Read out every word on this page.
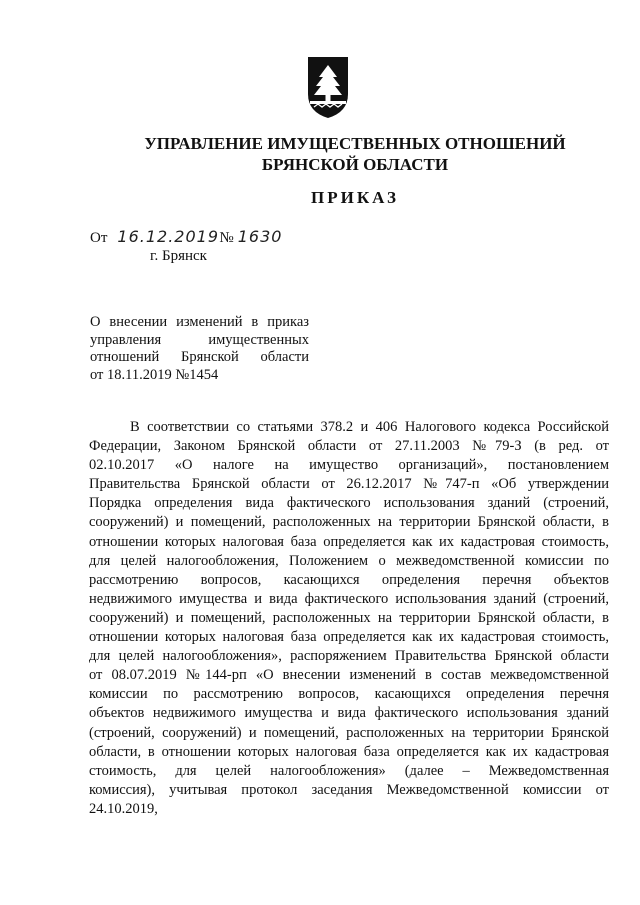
УПРАВЛЕНИЕ ИМУЩЕСТВЕННЫХ ОТНОШЕНИЙ
БРЯНСКОЙ ОБЛАСТИ
ПРИКАЗ
От 16.12.2019№ 1630
г. Брянск
О внесении изменений в приказ
управления имущественных
отношений Брянской области
от 18.11.2019 №1454
В соответствии со статьями 378.2 и 406 Налогового кодекса Российской
Федерации, Законом Брянской области от 27.11.2003 №79-З (в ред. от
02.10.2017 «О налоге на имущество организаций», постановлением
Правительства Брянской области от 26.12.2017 №747-п «Об утверждении
Порядка определения вида фактического использования зданий (строений,
сооружений) и помещений, расположенных на территории Брянской области, в
отношении которых налоговая база определяется как их кадастровая стоимость,
для целей налогообложения, Положением о межведомственной комиссии по
рассмотрению вопросов, касающихся определения перечня объектов
недвижимого имущества и вида фактического использования зданий (строений,
сооружений) и помещений, расположенных на территории Брянской области, в
отношении которых налоговая база определяется как их кадастровая стоимость,
для целей налогообложения», распоряжением Правительства Брянской области
от 08.07.2019 №144-рп «О внесении изменений в состав межведомственной
комиссии по рассмотрению вопросов, касающихся определения перечня
объектов недвижимого имущества и вида фактического использования зданий
(строений, сооружений) и помещений, расположенных на территории Брянской
области, в отношении которых налоговая база определяется как их кадастровая
стоимость, для целей налогообложения» (далее – Межведомственная
комиссия), учитывая протокол заседания Межведомственной комиссии от
24.10.2019,
